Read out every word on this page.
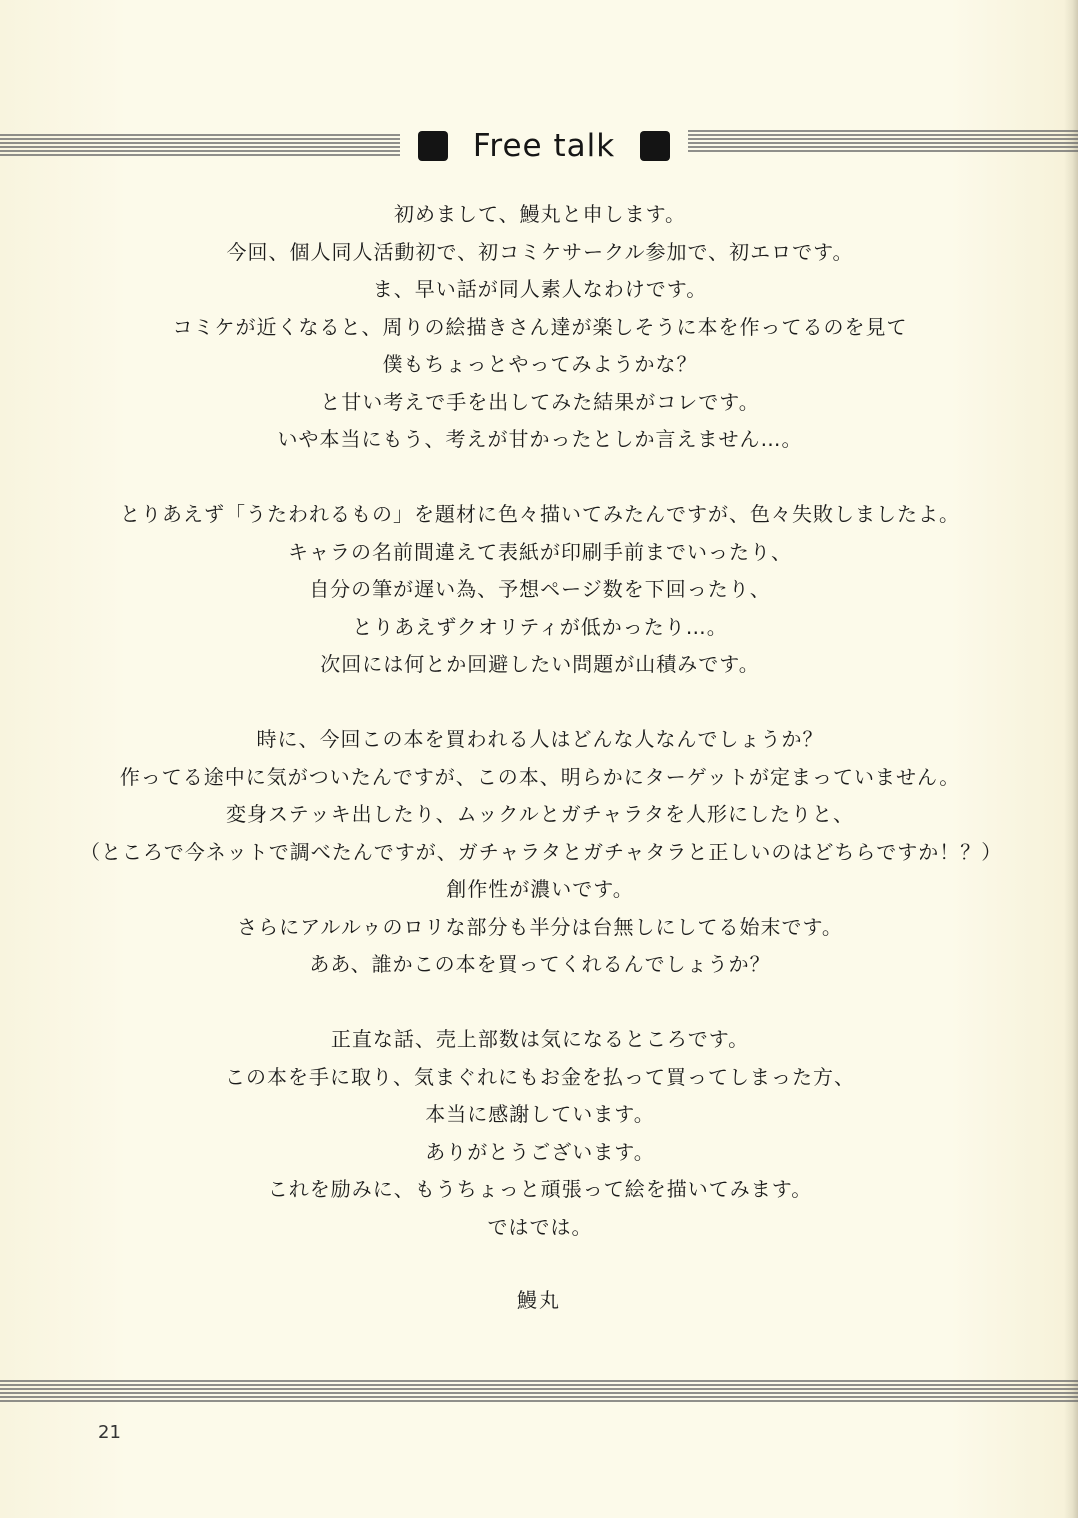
Free talk
初めまして、鰻丸と申します。
今回、個人同人活動初で、初コミケサークル参加で、初エロです。
ま、早い話が同人素人なわけです。
コミケが近くなると、周りの絵描きさん達が楽しそうに本を作ってるのを見て
僕もちょっとやってみようかな？
と甘い考えで手を出してみた結果がコレです。
いや本当にもう、考えが甘かったとしか言えません…。
とりあえず「うたわれるもの」を題材に色々描いてみたんですが、色々失敗しましたよ。
キャラの名前間違えて表紙が印刷手前までいったり、
自分の筆が遅い為、予想ページ数を下回ったり、
とりあえずクオリティが低かったり…。
次回には何とか回避したい問題が山積みです。
時に、今回この本を買われる人はどんな人なんでしょうか？
作ってる途中に気がついたんですが、この本、明らかにターゲットが定まっていません。
変身ステッキ出したり、ムックルとガチャラタを人形にしたりと、
（ところで今ネットで調べたんですが、ガチャラタとガチャタラと正しいのはどちらですか！？）
創作性が濃いです。
さらにアルルゥのロリな部分も半分は台無しにしてる始末です。
ああ、誰かこの本を買ってくれるんでしょうか？
正直な話、売上部数は気になるところです。
この本を手に取り、気まぐれにもお金を払って買ってしまった方、
本当に感謝しています。
ありがとうございます。
これを励みに、もうちょっと頑張って絵を描いてみます。
ではでは。
鰻丸
21
